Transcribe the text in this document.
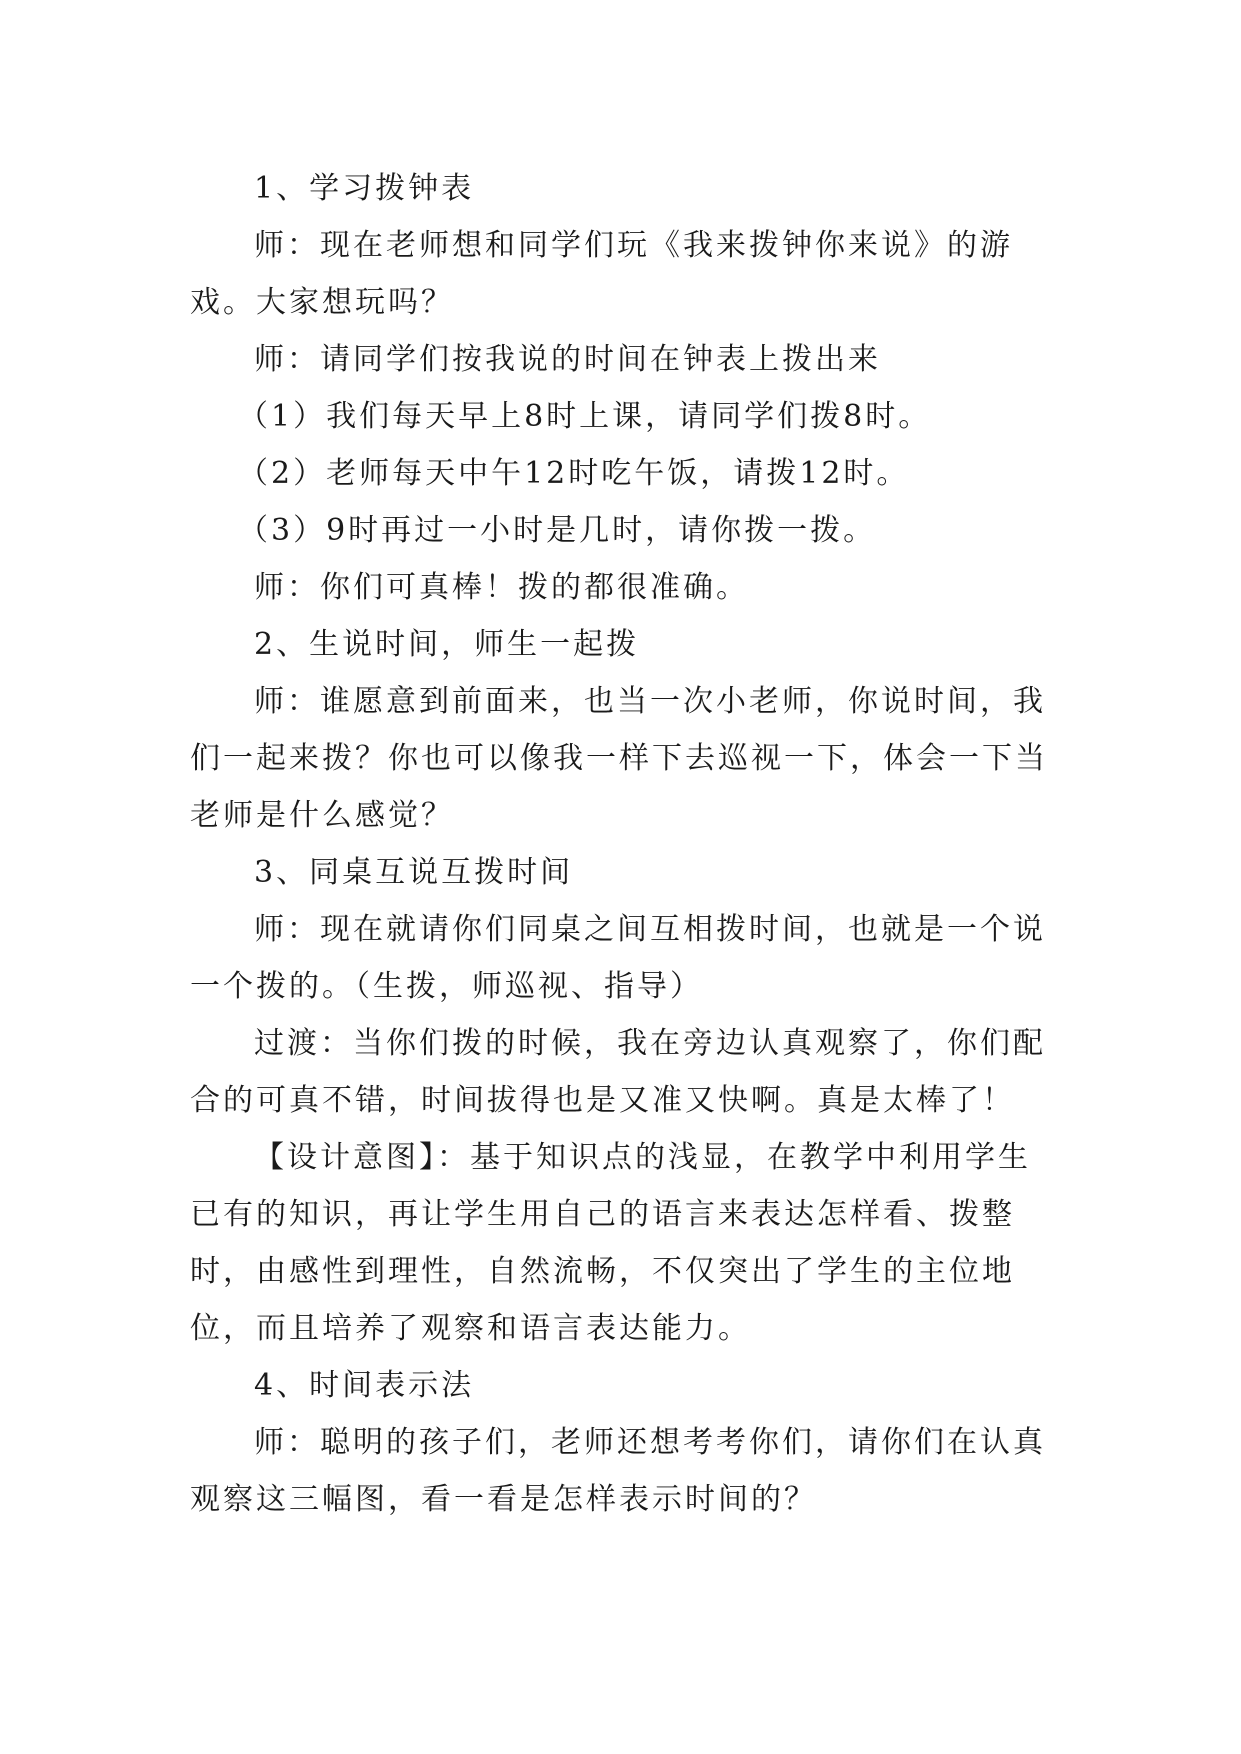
1、学习拨钟表

师：现在老师想和同学们玩《我来拨钟你来说》的游戏。大家想玩吗？

师：请同学们按我说的时间在钟表上拨出来

（1）我们每天早上8时上课，请同学们拨8时。

（2）老师每天中午12时吃午饭，请拨12时。

（3）9时再过一小时是几时，请你拨一拨。

师：你们可真棒！拨的都很准确。

2、生说时间，师生一起拨

师：谁愿意到前面来，也当一次小老师，你说时间，我们一起来拨？你也可以像我一样下去巡视一下，体会一下当老师是什么感觉？

3、同桌互说互拨时间

师：现在就请你们同桌之间互相拨时间，也就是一个说一个拨的。（生拨，师巡视、指导）

过渡：当你们拨的时候，我在旁边认真观察了，你们配合的可真不错，时间拔得也是又准又快啊。真是太棒了！

【设计意图】：基于知识点的浅显，在教学中利用学生已有的知识，再让学生用自己的语言来表达怎样看、拨整时，由感性到理性，自然流畅，不仅突出了学生的主位地位，而且培养了观察和语言表达能力。

4、时间表示法

师：聪明的孩子们，老师还想考考你们，请你们在认真观察这三幅图，看一看是怎样表示时间的？
